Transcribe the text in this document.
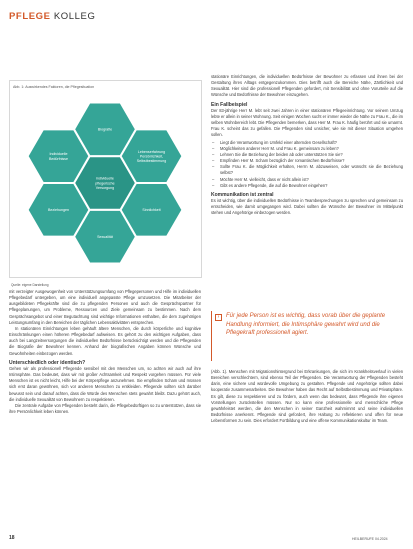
PFLEGE KOLLEG
Abb. 1: Auswirkendes Faktoren, die Pflegesituation
Biografie
Lebenserfahrung
Persönlichkeit,
Selbstbestimmung
Sinnlichkeit
Sexualität
Beziehungen
Individuelle
Bedürfnisse
individuelle
pflegerische
Versorgung
Quelle: eigene Darstellung

mit verzeigter Ausgewogenheit von Unterstützungsumfang von Pflegepersonen und Hilfe im individuellen Pflegebedarf untergeben, um eine individuell angepasste Pflege umzusetzen. Die Mitarbeiter der ausgebildeten Pflegekräfte sind die zu pflegenden Personen und auch die Gesprächspartner für Pflegeplanungen, um Probleme, Ressourcen und Ziele gemeinsam zu bestimmen. Nach dem Gesprächsangebot und einer Begutachtung sind wichtige Informationen enthalten, die dem zugehörigen Leistungsumfang in den Bereichen der täglichen Lebensaktivitäten entsprechen.

In stationären Einrichtungen leben gehäuft ältere Menschen, die durch körperliche und kognitive Einschränkungen einen höheren Pflegebedarf aufweisen. Es gehört zu den wichtigen Aufgaben, dass auch bei Langzeitversorgungen die individuellen Bedürfnisse berücksichtigt werden und die Pflegenden die Biografie der Bewohner kennen. Anhand der biografischen Angaben können Wünsche und Gewohnheiten einbezogen werden.

Unterschiedlich oder identisch?

Gehen wir als professionell Pflegende sensibel mit den Menschen um, so achten wir auch auf ihre Intimsphäre. Das bedeutet, dass wir mit großer Achtsamkeit und Respekt vorgehen müssen. Für viele Menschen ist es nicht leicht, Hilfe bei der Körperpflege anzunehmen. Sie empfinden Scham und müssen sich erst daran gewöhnen, sich vor anderen Menschen zu entkleiden. Pflegende sollten sich darüber bewusst sein und darauf achten, dass die Würde des Menschen stets gewahrt bleibt. Dazu gehört auch, die individuelle Sexualität von Bewohnern zu respektieren.

Die zentrale Aufgabe von Pflegenden besteht darin, die Pflegebedürftigen so zu unterstützen, dass sie ihre Persönlichkeit leben können.

stationäre Einrichtungen, die individuellen Bedürfnisse der Bewohner zu erfassen und ihnen bei der Gestaltung ihres Alltags entgegenzukommen. Dies betrifft auch die Bereiche Nähe, Zärtlichkeit und Sexualität. Hier sind die professionell Pflegenden gefordert, mit Sensibilität und ohne Vorurteile auf die Wünsche und Bedürfnisse der Bewohner einzugehen.

Ein Fallbeispiel

Der 83-jährige Herr M. lebt seit zwei Jahren in einer stationären Pflegeeinrichtung. Vor seinem Umzug lebte er allein in seiner Wohnung. Seit einigen Wochen sucht er immer wieder die Nähe zu Frau K., die im selben Wohnbereich lebt. Die Pflegenden bemerken, dass Herr M. Frau K. häufig berührt und sie umarmt. Frau K. scheint das zu gefallen. Die Pflegenden sind unsicher, wie sie mit dieser Situation umgehen sollen.

– Liegt die Verantwortung im Umfeld einer alternden Gesellschaft?
– Möglichkeiten anderer Herr M. und Frau K. gemeinsam zu leben?
– Lehnen Sie die Beziehung der beiden ab oder unterstützen Sie sie?
– Empfinden Herr M. Scham bezüglich der romantischen Bedürfnisse?
– Sollte Frau K. die Möglichkeit erhalten, Herrn M. abzuweisen, oder wünscht sie die Beziehung selbst?
– Möchte Herr M. vielleicht, dass er nicht allein ist?
– Gibt es andere Pflegende, die auf die Bewohner eingehen?

Kommunikation ist zentral

Es ist wichtig, über die individuellen Bedürfnisse in Teambesprechungen zu sprechen und gemeinsam zu entscheiden, wie damit umgegangen wird. Dabei sollten die Wünsche der Bewohner im Mittelpunkt stehen und Angehörige einbezogen werden.

›	Für jede Person ist es wichtig, dass vorab über die geplante Handlung informiert, die Intimsphäre gewahrt wird und die Pflegekraft professionell agiert.

(Abb. 1). Menschen mit Migrationshintergrund bei Erkrankungen, die sich im Krankheitsverlauf in vielen Bereichen verschlechtern, sind ebenso Teil der Pflegenden. Die Verantwortung der Pflegenden besteht darin, eine sichere und würdevolle Umgebung zu gestalten. Pflegende und Angehörige sollten dabei kooperativ zusammenarbeiten. Die Bewohner haben das Recht auf Selbstbestimmung und Privatsphäre. Es gilt, diese zu respektieren und zu fördern, auch wenn das bedeutet, dass Pflegende ihre eigenen Vorstellungen zurückstellen müssen. Nur so kann eine professionelle und menschliche Pflege gewährleistet werden, die den Menschen in seiner Ganzheit wahrnimmt und seine individuellen Bedürfnisse anerkennt. Pflegende sind gefordert, ihre Haltung zu reflektieren und offen für neue Lebensformen zu sein. Dies erfordert Fortbildung und eine offene Kommunikationskultur im Team.

18	HEILBERUFE 04.2024
